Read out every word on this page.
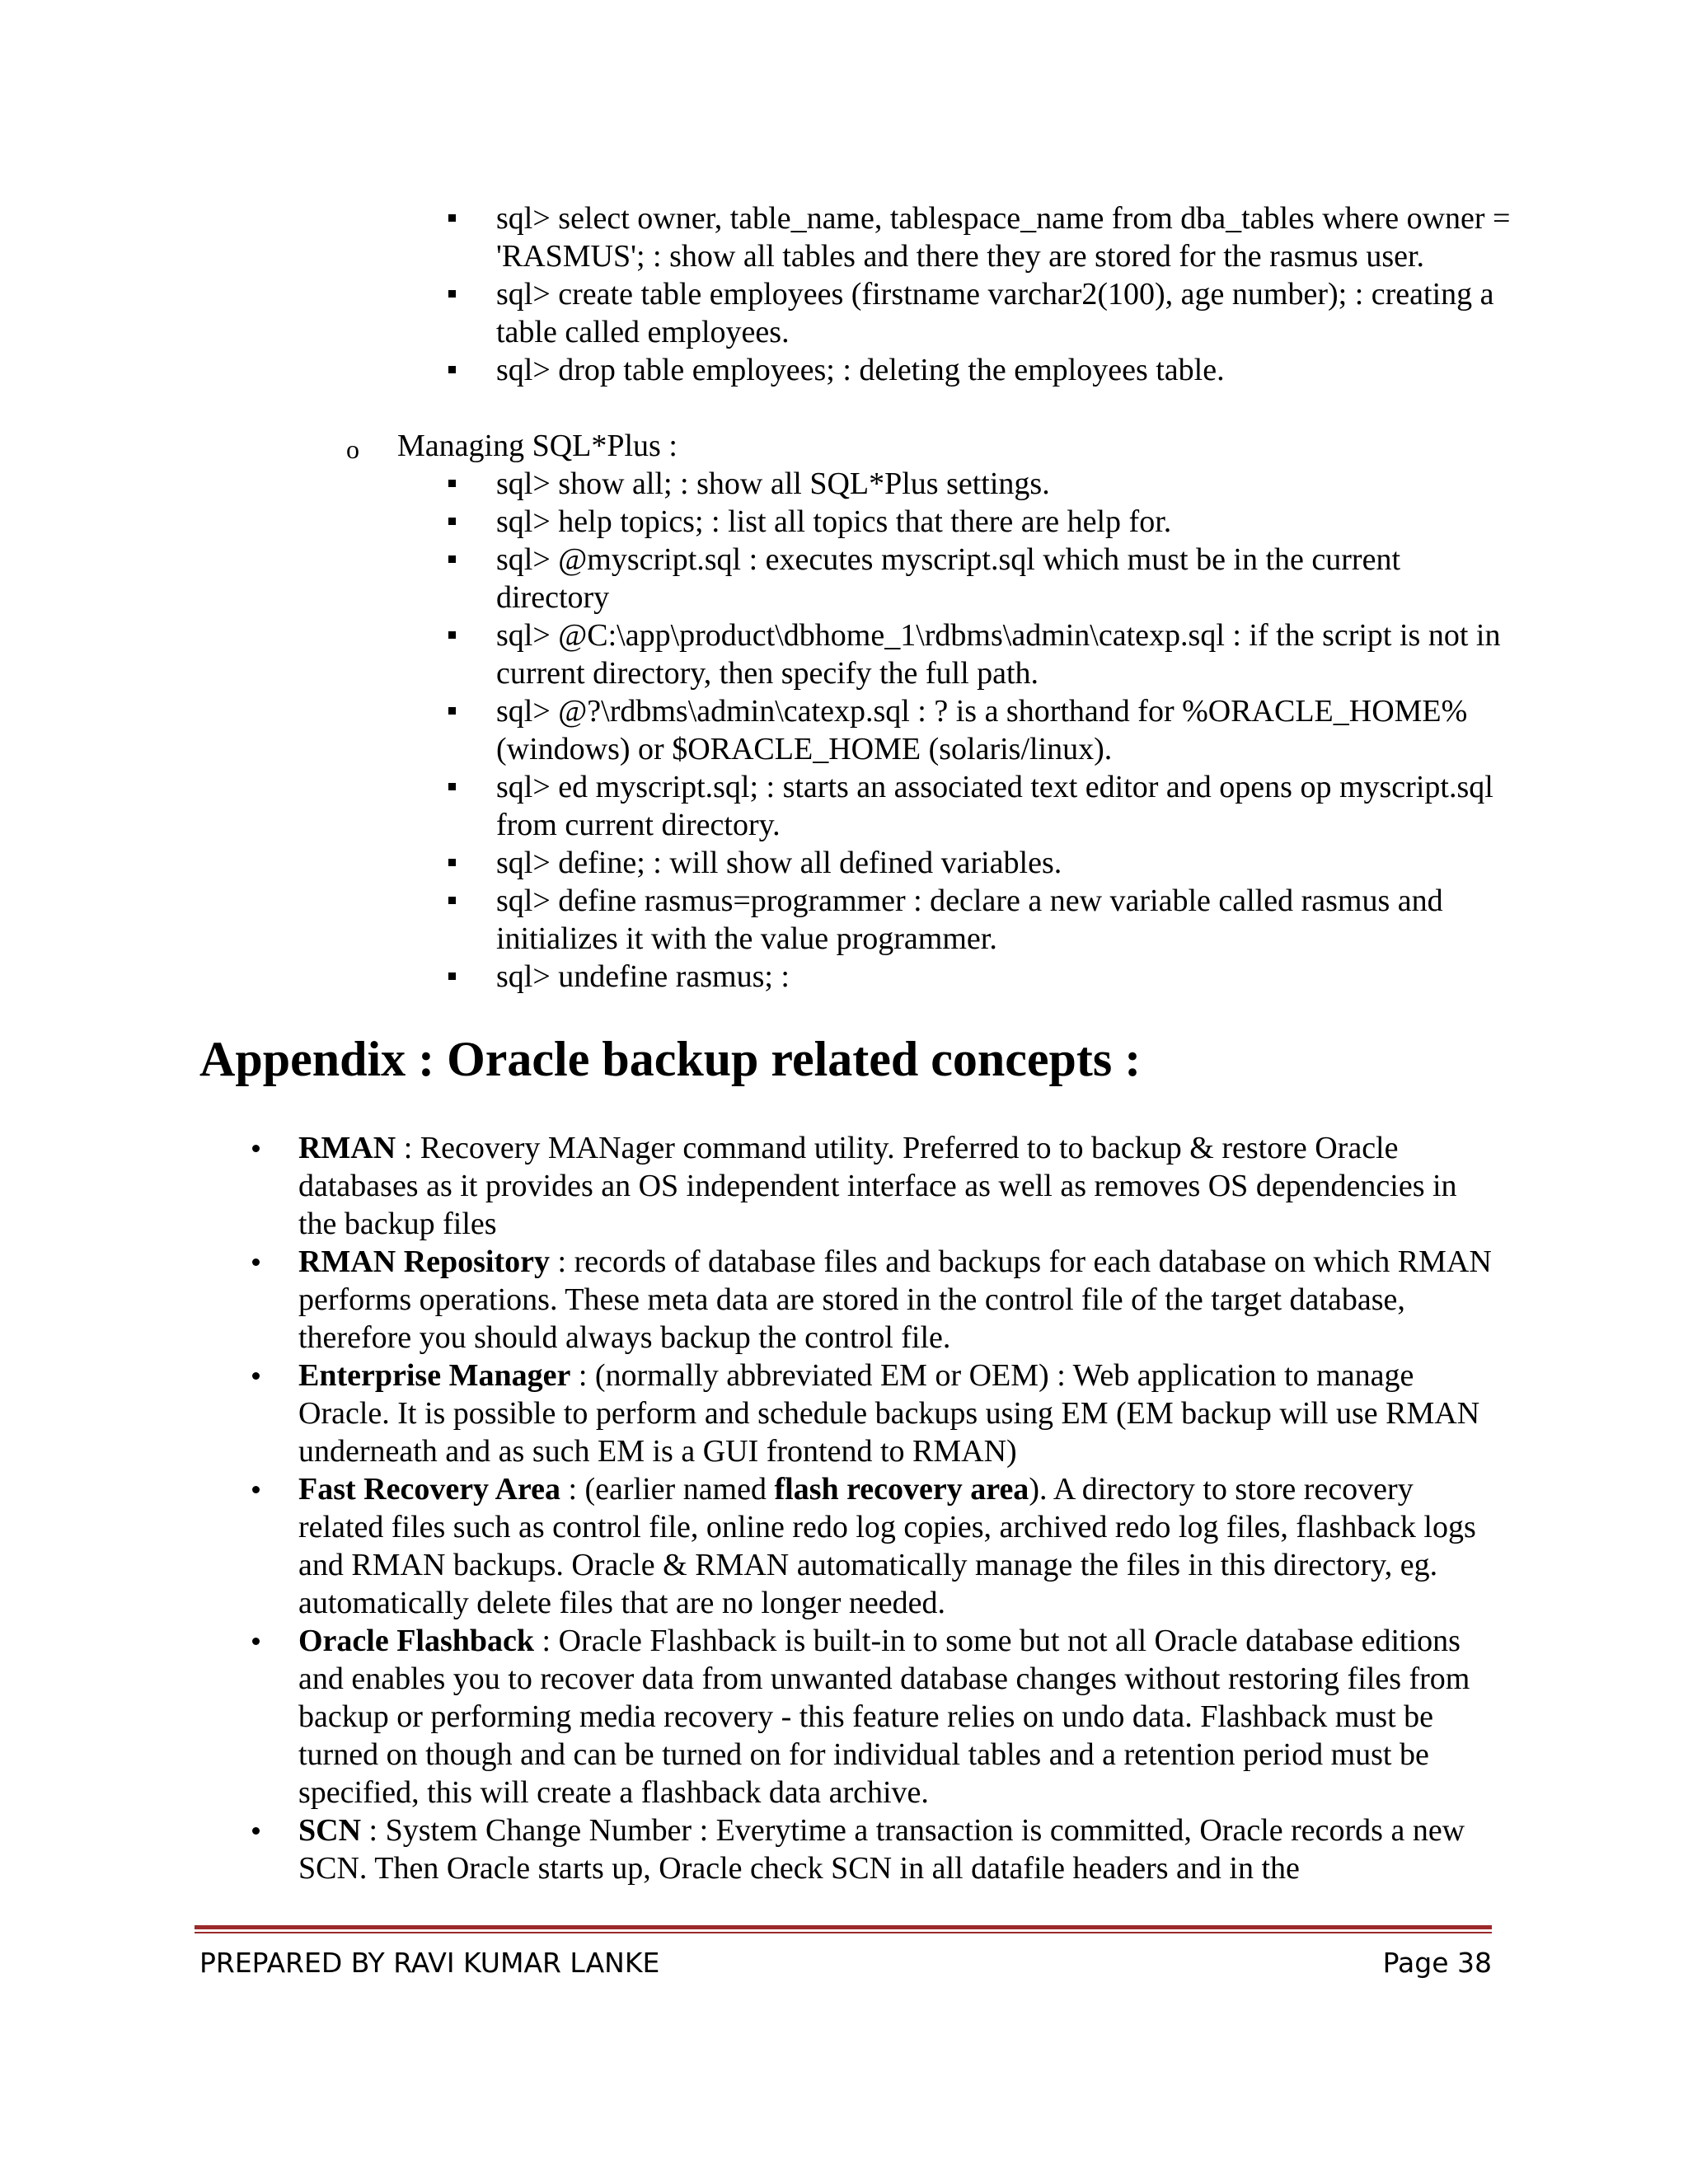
sql> select owner, table_name, tablespace_name from dba_tables where owner = 'RASMUS'; : show all tables and there they are stored for the rasmus user.
sql> create table employees (firstname varchar2(100), age number); : creating a table called employees.
sql> drop table employees; : deleting the employees table.
o Managing SQL*Plus :
sql> show all; : show all SQL*Plus settings.
sql> help topics; : list all topics that there are help for.
sql> @myscript.sql : executes myscript.sql which must be in the current directory
sql> @C:\app\product\dbhome_1\rdbms\admin\catexp.sql : if the script is not in current directory, then specify the full path.
sql> @?\rdbms\admin\catexp.sql : ? is a shorthand for %ORACLE_HOME% (windows) or $ORACLE_HOME (solaris/linux).
sql> ed myscript.sql; : starts an associated text editor and opens op myscript.sql from current directory.
sql> define; : will show all defined variables.
sql> define rasmus=programmer : declare a new variable called rasmus and initializes it with the value programmer.
sql> undefine rasmus; :
Appendix : Oracle backup related concepts :
RMAN : Recovery MANager command utility. Preferred to to backup & restore Oracle databases as it provides an OS independent interface as well as removes OS dependencies in the backup files
RMAN Repository : records of database files and backups for each database on which RMAN performs operations. These meta data are stored in the control file of the target database, therefore you should always backup the control file.
Enterprise Manager : (normally abbreviated EM or OEM) : Web application to manage Oracle. It is possible to perform and schedule backups using EM (EM backup will use RMAN underneath and as such EM is a GUI frontend to RMAN)
Fast Recovery Area : (earlier named flash recovery area). A directory to store recovery related files such as control file, online redo log copies, archived redo log files, flashback logs and RMAN backups. Oracle & RMAN automatically manage the files in this directory, eg. automatically delete files that are no longer needed.
Oracle Flashback : Oracle Flashback is built-in to some but not all Oracle database editions and enables you to recover data from unwanted database changes without restoring files from backup or performing media recovery - this feature relies on undo data. Flashback must be turned on though and can be turned on for individual tables and a retention period must be specified, this will create a flashback data archive.
SCN : System Change Number : Everytime a transaction is committed, Oracle records a new SCN. Then Oracle starts up, Oracle check SCN in all datafile headers and in the
PREPARED BY RAVI KUMAR LANKE	Page 38
